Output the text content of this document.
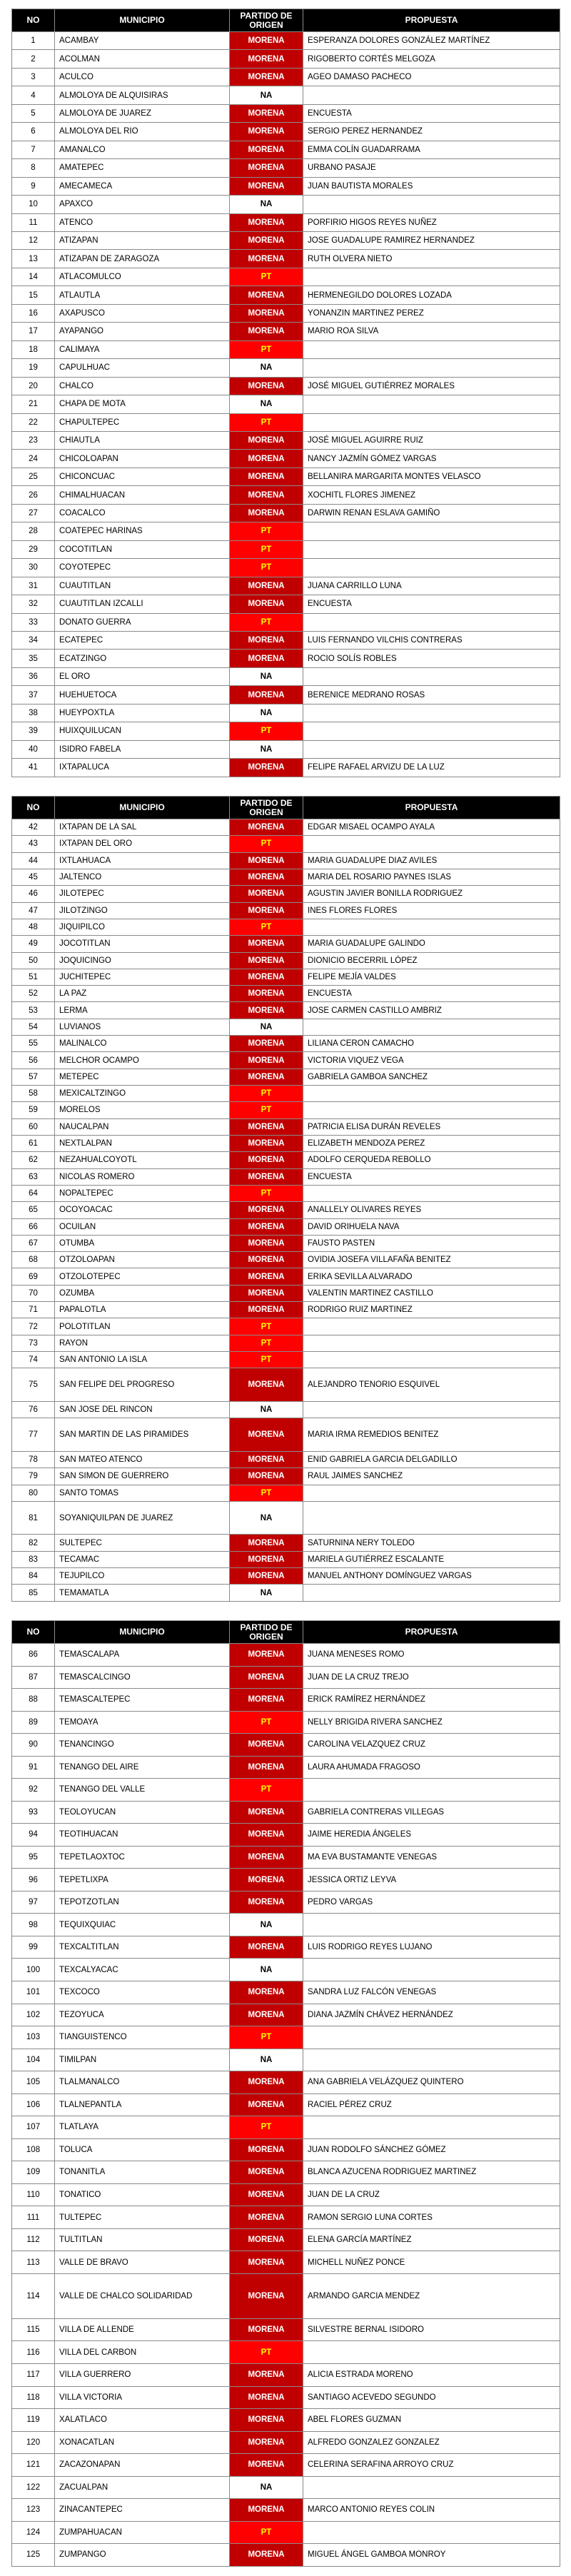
NO	MUNICIPIO	PARTIDO DE ORIGEN	PROPUESTA
1	ACAMBAY	MORENA	ESPERANZA DOLORES GONZÁLEZ MARTÍNEZ
2	ACOLMAN	MORENA	RIGOBERTO CORTÉS MELGOZA
3	ACULCO	MORENA	AGEO DAMASO PACHECO
4	ALMOLOYA DE ALQUISIRAS	NA	
5	ALMOLOYA DE JUAREZ	MORENA	ENCUESTA
6	ALMOLOYA DEL RIO	MORENA	SERGIO PEREZ HERNANDEZ
7	AMANALCO	MORENA	EMMA COLÍN GUADARRAMA
8	AMATEPEC	MORENA	URBANO PASAJE
9	AMECAMECA	MORENA	JUAN BAUTISTA MORALES
10	APAXCO	NA	
11	ATENCO	MORENA	PORFIRIO HIGOS REYES NUÑEZ
12	ATIZAPAN	MORENA	JOSE GUADALUPE RAMIREZ HERNANDEZ
13	ATIZAPAN DE ZARAGOZA	MORENA	RUTH OLVERA NIETO
14	ATLACOMULCO	PT	
15	ATLAUTLA	MORENA	HERMENEGILDO DOLORES LOZADA
16	AXAPUSCO	MORENA	YONANZIN MARTINEZ PEREZ
17	AYAPANGO	MORENA	MARIO ROA SILVA
18	CALIMAYA	PT	
19	CAPULHUAC	NA	
20	CHALCO	MORENA	JOSÉ MIGUEL GUTIÉRREZ MORALES
21	CHAPA DE MOTA	NA	
22	CHAPULTEPEC	PT	
23	CHIAUTLA	MORENA	JOSÉ MIGUEL AGUIRRE RUIZ
24	CHICOLOAPAN	MORENA	NANCY JAZMÍN GÓMEZ VARGAS
25	CHICONCUAC	MORENA	BELLANIRA MARGARITA MONTES VELASCO
26	CHIMALHUACAN	MORENA	XOCHITL FLORES JIMENEZ
27	COACALCO	MORENA	DARWIN RENAN ESLAVA GAMIÑO
28	COATEPEC HARINAS	PT	
29	COCOTITLAN	PT	
30	COYOTEPEC	PT	
31	CUAUTITLAN	MORENA	JUANA CARRILLO LUNA
32	CUAUTITLAN IZCALLI	MORENA	ENCUESTA
33	DONATO GUERRA	PT	
34	ECATEPEC	MORENA	LUIS FERNANDO VILCHIS CONTRERAS
35	ECATZINGO	MORENA	ROCIO SOLÍS ROBLES
36	EL ORO	NA	
37	HUEHUETOCA	MORENA	BERENICE MEDRANO ROSAS
38	HUEYPOXTLA	NA	
39	HUIXQUILUCAN	PT	
40	ISIDRO FABELA	NA	
41	IXTAPALUCA	MORENA	FELIPE RAFAEL ARVIZU DE LA LUZ
NO	MUNICIPIO	PARTIDO DE ORIGEN	PROPUESTA
42	IXTAPAN DE LA SAL	MORENA	EDGAR MISAEL OCAMPO AYALA
43	IXTAPAN DEL ORO	PT	
44	IXTLAHUACA	MORENA	MARIA GUADALUPE DIAZ AVILES
45	JALTENCO	MORENA	MARIA DEL ROSARIO PAYNES ISLAS
46	JILOTEPEC	MORENA	AGUSTIN JAVIER BONILLA RODRIGUEZ
47	JILOTZINGO	MORENA	INES FLORES FLORES
48	JIQUIPILCO	PT	
49	JOCOTITLAN	MORENA	MARIA GUADALUPE GALINDO
50	JOQUICINGO	MORENA	DIONICIO BECERRIL LÓPEZ
51	JUCHITEPEC	MORENA	FELIPE MEJÍA VALDES
52	LA PAZ	MORENA	ENCUESTA
53	LERMA	MORENA	JOSE CARMEN CASTILLO AMBRIZ
54	LUVIANOS	NA	
55	MALINALCO	MORENA	LILIANA CERON CAMACHO
56	MELCHOR OCAMPO	MORENA	VICTORIA VIQUEZ VEGA
57	METEPEC	MORENA	GABRIELA GAMBOA SANCHEZ
58	MEXICALTZINGO	PT	
59	MORELOS	PT	
60	NAUCALPAN	MORENA	PATRICIA ELISA DURÁN REVELES
61	NEXTLALPAN	MORENA	ELIZABETH MENDOZA PEREZ
62	NEZAHUALCOYOTL	MORENA	ADOLFO CERQUEDA REBOLLO
63	NICOLAS ROMERO	MORENA	ENCUESTA
64	NOPALTEPEC	PT	
65	OCOYOACAC	MORENA	ANALLELY OLIVARES REYES
66	OCUILAN	MORENA	DAVID ORIHUELA NAVA
67	OTUMBA	MORENA	FAUSTO PASTEN
68	OTZOLOAPAN	MORENA	OVIDIA JOSEFA VILLAFAÑA BENITEZ
69	OTZOLOTEPEC	MORENA	ERIKA SEVILLA ALVARADO
70	OZUMBA	MORENA	VALENTIN MARTINEZ CASTILLO
71	PAPALOTLA	MORENA	RODRIGO RUIZ MARTINEZ
72	POLOTITLAN	PT	
73	RAYON	PT	
74	SAN ANTONIO LA ISLA	PT	
75	SAN FELIPE DEL PROGRESO	MORENA	ALEJANDRO TENORIO ESQUIVEL
76	SAN JOSE DEL RINCON	NA	
77	SAN MARTIN DE LAS PIRAMIDES	MORENA	MARIA IRMA REMEDIOS BENITEZ
78	SAN MATEO ATENCO	MORENA	ENID GABRIELA GARCIA DELGADILLO
79	SAN SIMON DE GUERRERO	MORENA	RAUL JAIMES SANCHEZ
80	SANTO TOMAS	PT	
81	SOYANIQUILPAN DE JUAREZ	NA	
82	SULTEPEC	MORENA	SATURNINA NERY TOLEDO
83	TECAMAC	MORENA	MARIELA GUTIÉRREZ ESCALANTE
84	TEJUPILCO	MORENA	MANUEL ANTHONY DOMÍNGUEZ VARGAS
85	TEMAMATLA	NA	
NO	MUNICIPIO	PARTIDO DE ORIGEN	PROPUESTA
86	TEMASCALAPA	MORENA	JUANA MENESES ROMO
87	TEMASCALCINGO	MORENA	JUAN DE LA CRUZ TREJO
88	TEMASCALTEPEC	MORENA	ERICK RAMÍREZ HERNÁNDEZ
89	TEMOAYA	PT	NELLY BRIGIDA RIVERA SANCHEZ
90	TENANCINGO	MORENA	CAROLINA VELAZQUEZ CRUZ
91	TENANGO DEL AIRE	MORENA	LAURA AHUMADA FRAGOSO
92	TENANGO DEL VALLE	PT	
93	TEOLOYUCAN	MORENA	GABRIELA CONTRERAS VILLEGAS
94	TEOTIHUACAN	MORENA	JAIME HEREDIA ÁNGELES
95	TEPETLAOXTOC	MORENA	MA EVA BUSTAMANTE VENEGAS
96	TEPETLIXPA	MORENA	JESSICA ORTIZ LEYVA
97	TEPOTZOTLAN	MORENA	PEDRO VARGAS
98	TEQUIXQUIAC	NA	
99	TEXCALTITLAN	MORENA	LUIS RODRIGO REYES LUJANO
100	TEXCALYACAC	NA	
101	TEXCOCO	MORENA	SANDRA LUZ FALCÓN VENEGAS
102	TEZOYUCA	MORENA	DIANA JAZMÍN CHÁVEZ HERNÁNDEZ
103	TIANGUISTENCO	PT	
104	TIMILPAN	NA	
105	TLALMANALCO	MORENA	ANA GABRIELA VELÁZQUEZ QUINTERO
106	TLALNEPANTLA	MORENA	RACIEL PÉREZ CRUZ
107	TLATLAYA	PT	
108	TOLUCA	MORENA	JUAN RODOLFO SÁNCHEZ GÓMEZ
109	TONANITLA	MORENA	BLANCA AZUCENA RODRIGUEZ MARTINEZ
110	TONATICO	MORENA	JUAN DE LA CRUZ
111	TULTEPEC	MORENA	RAMON SERGIO LUNA CORTES
112	TULTITLAN	MORENA	ELENA GARCÍA MARTÍNEZ
113	VALLE DE BRAVO	MORENA	MICHELL NUÑEZ PONCE
114	VALLE DE CHALCO SOLIDARIDAD	MORENA	ARMANDO GARCIA MENDEZ
115	VILLA DE ALLENDE	MORENA	SILVESTRE BERNAL ISIDORO
116	VILLA DEL CARBON	PT	
117	VILLA GUERRERO	MORENA	ALICIA ESTRADA MORENO
118	VILLA VICTORIA	MORENA	SANTIAGO ACEVEDO SEGUNDO
119	XALATLACO	MORENA	ABEL FLORES GUZMAN
120	XONACATLAN	MORENA	ALFREDO GONZALEZ GONZALEZ
121	ZACAZONAPAN	MORENA	CELERINA SERAFINA ARROYO CRUZ
122	ZACUALPAN	NA	
123	ZINACANTEPEC	MORENA	MARCO ANTONIO REYES COLIN
124	ZUMPAHUACAN	PT	
125	ZUMPANGO	MORENA	MIGUEL ÁNGEL GAMBOA MONROY
